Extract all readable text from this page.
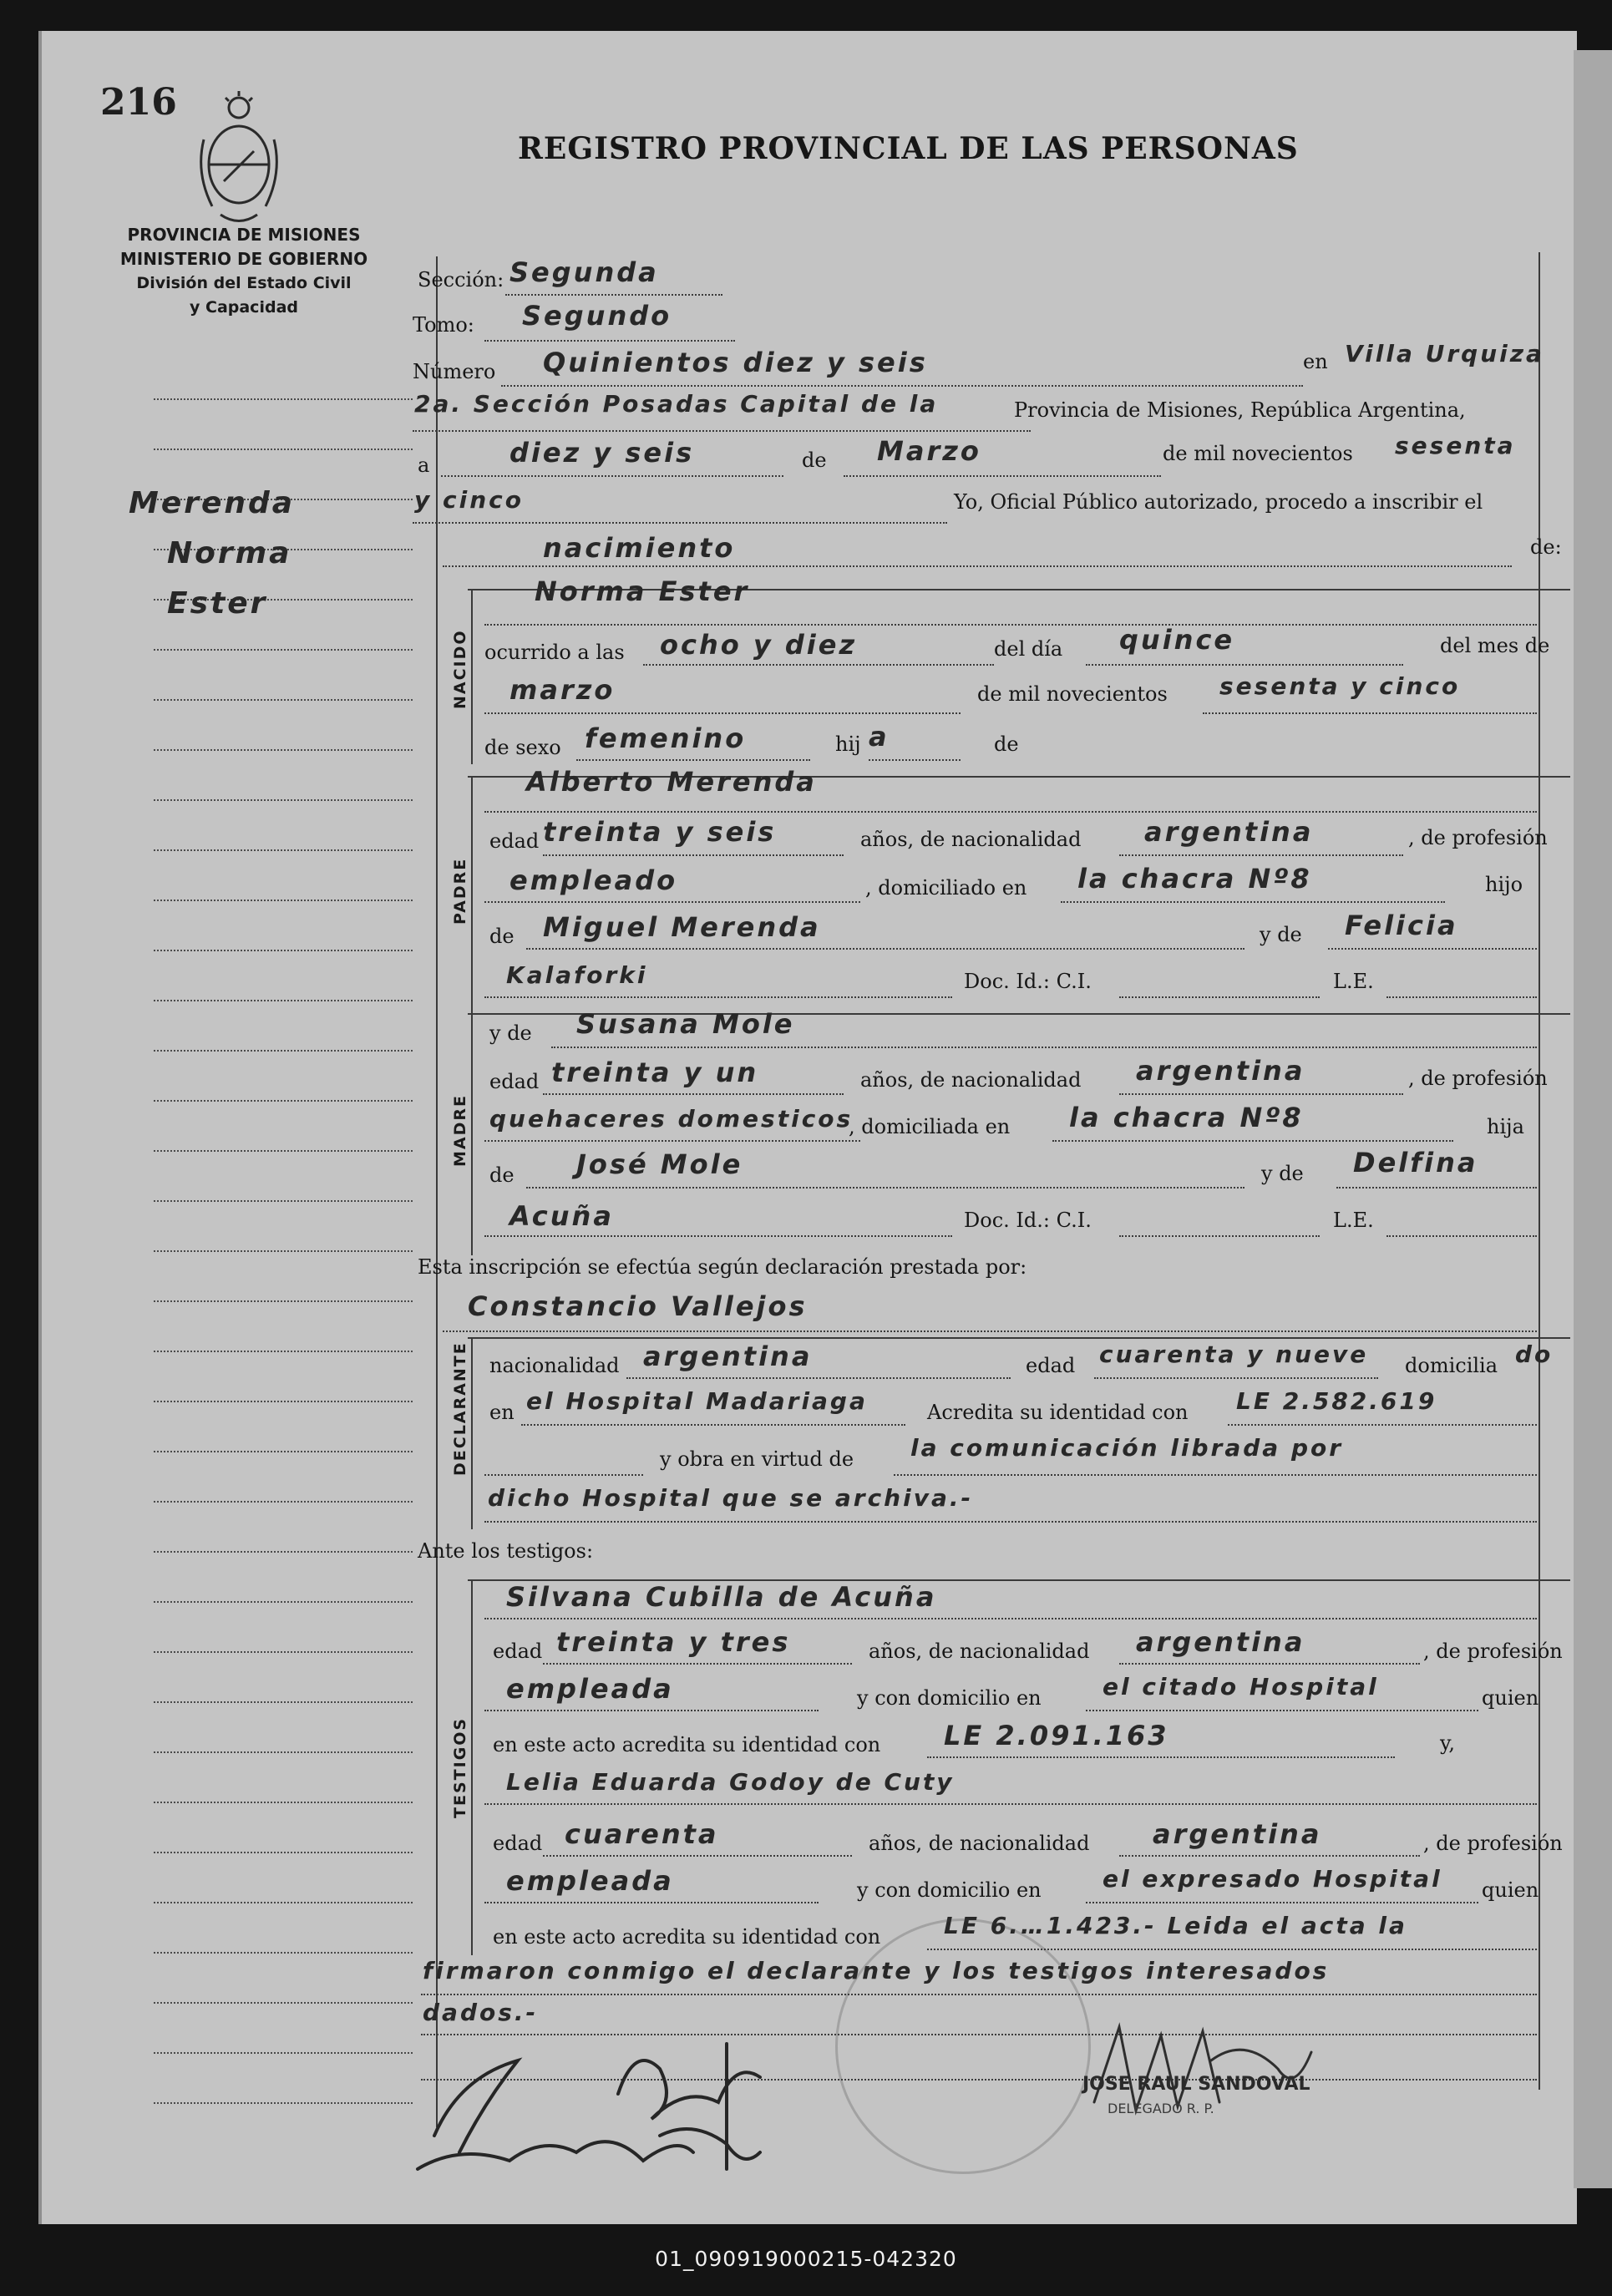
216
REGISTRO PROVINCIAL DE LAS PERSONAS
PROVINCIA DE MISIONES
MINISTERIO DE GOBIERNO
División del Estado Civil
y Capacidad
Merenda
Norma
Ester
Sección: Segunda
Tomo: Segundo
Número Quinientos diez y seis	en Villa Urquiza
2a. Sección Posadas Capital de la	Provincia de Misiones, República Argentina,
a	diez y seis	de Marzo	de mil novecientos sesenta
y cinco	Yo, Oficial Público autorizado, procedo a inscribir el
nacimiento	de:
NACIDO
Norma Ester
ocurrido a las ocho y diez	del día quince	del mes de
marzo	de mil novecientos sesenta y cinco
de sexo femenino	hij a	de
PADRE
Alberto Merenda
edad treinta y seis	años, de nacionalidad argentina	, de profesión
empleado	, domiciliado en la chacra Nº8	hijo
de Miguel Merenda	y de Felicia
Kalaforki	Doc. Id.: C.I.	L.E.
MADRE
y de Susana Mole
edad treinta y un	años, de nacionalidad argentina	, de profesión
quehaceres domesticos
, domiciliada en la chacra Nº8	hija
de José Mole	y de Delfina
Acuña	Doc. Id.: C.I.	L.E.
Esta inscripción se efectúa según declaración prestada por:
Constancio Vallejos
DECLARANTE nacionalidad argentina	edad cuarenta y nueve domicilia do
en el Hospital Madariaga	Acredita su identidad con LE 2.582.619
y obra en virtud de la comunicación librada por
dicho Hospital que se archiva.-
Ante los testigos:
TESTIGOS
Silvana Cubilla de Acuña
edad treinta y tres	años, de nacionalidad argentina	, de profesión
empleada	y con domicilio en	el citado Hospital	quien
en este acto acredita su identidad con LE 2.091.163	y,
Lelia Eduarda Godoy de Cuty
edad cuarenta	años, de nacionalidad argentina	, de profesión
empleada	y con domicilio en	el expresado Hospital quien
en este acto acredita su identidad con	LE 6.…1.423.- Leida el acta la
firmaron conmigo el declarante y los testigos interesados
dados.-
JOSE RAUL SANDOVAL
DELEGADO R. P.
01_090919000215-042320
